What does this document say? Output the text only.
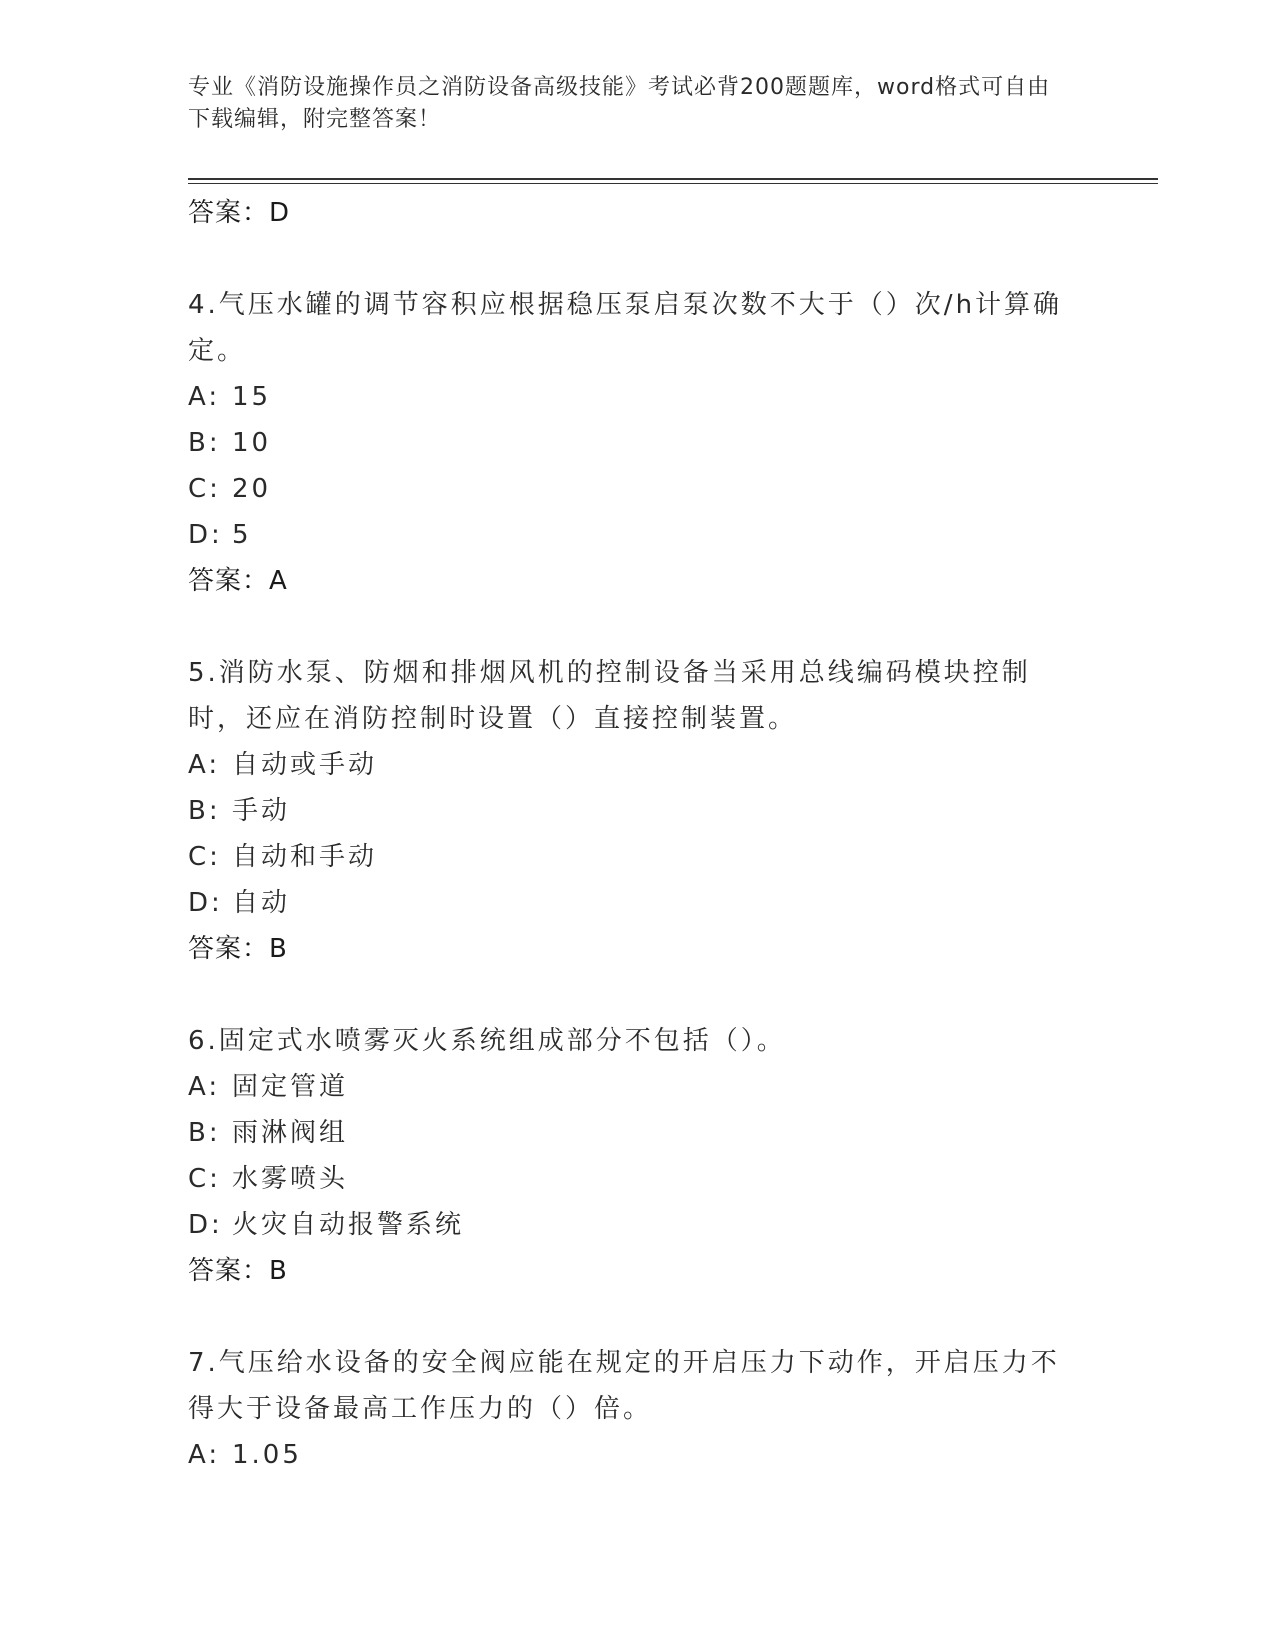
专业《消防设施操作员之消防设备高级技能》考试必背200题题库，word格式可自由下载编辑，附完整答案！
答案：D
4.气压水罐的调节容积应根据稳压泵启泵次数不大于（）次/h计算确定。
A: 15
B: 10
C: 20
D: 5
答案：A
5.消防水泵、防烟和排烟风机的控制设备当采用总线编码模块控制时，还应在消防控制时设置（）直接控制装置。
A: 自动或手动
B: 手动
C: 自动和手动
D: 自动
答案：B
6.固定式水喷雾灭火系统组成部分不包括（）。
A: 固定管道
B: 雨淋阀组
C: 水雾喷头
D: 火灾自动报警系统
答案：B
7.气压给水设备的安全阀应能在规定的开启压力下动作，开启压力不得大于设备最高工作压力的（）倍。
A: 1.05
